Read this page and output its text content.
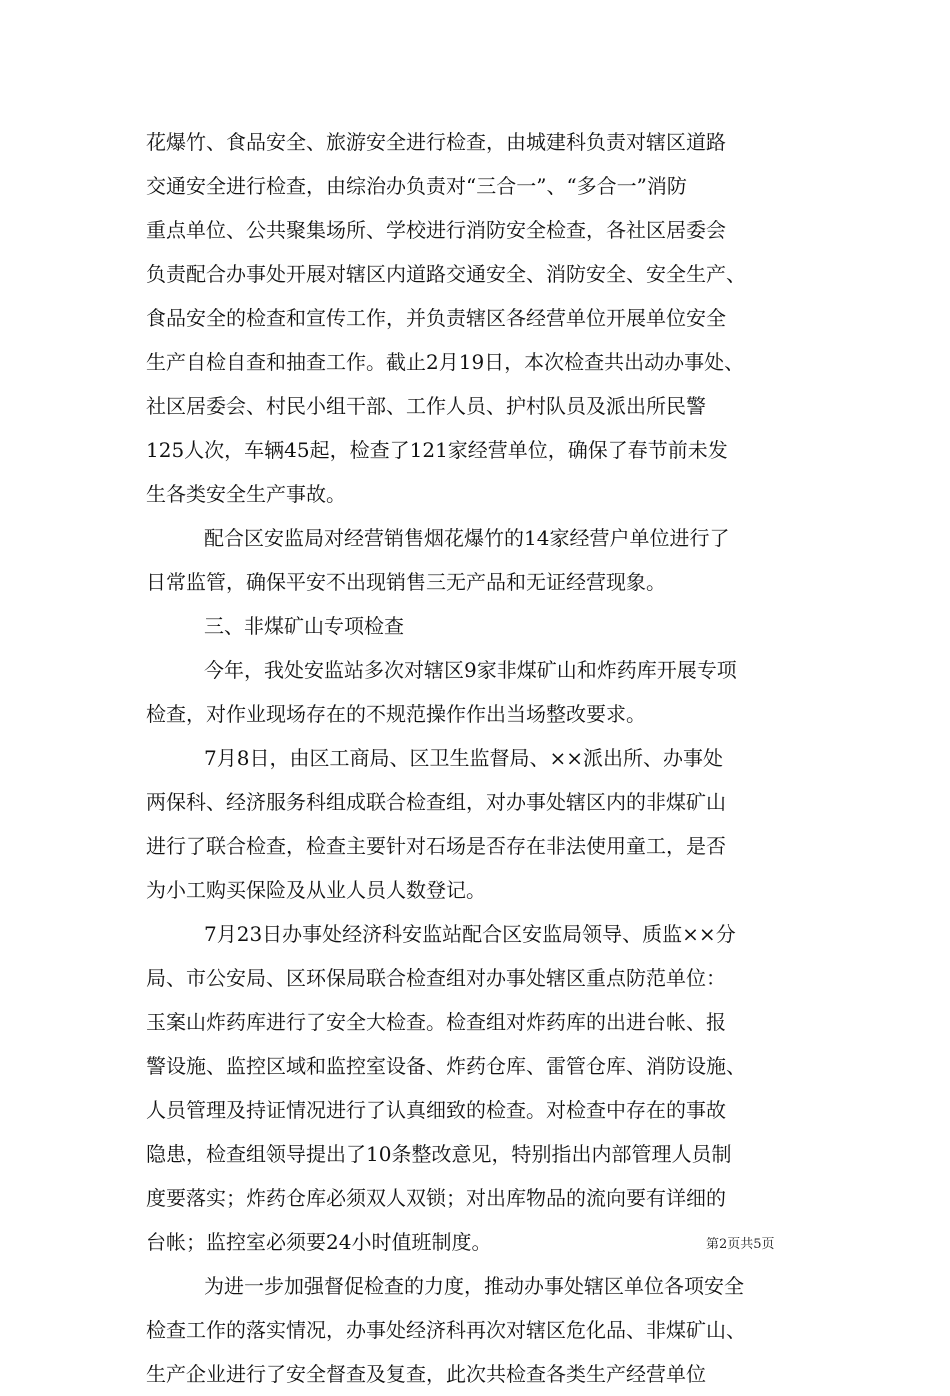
花爆竹、食品安全、旅游安全进行检查，由城建科负责对辖区道路
交通安全进行检查，由综治办负责对“三合一”、“多合一”消防
重点单位、公共聚集场所、学校进行消防安全检查，各社区居委会
负责配合办事处开展对辖区内道路交通安全、消防安全、安全生产、
食品安全的检查和宣传工作，并负责辖区各经营单位开展单位安全
生产自检自查和抽查工作。截止2月19日，本次检查共出动办事处、
社区居委会、村民小组干部、工作人员、护村队员及派出所民警
125人次，车辆45起，检查了121家经营单位，确保了春节前未发
生各类安全生产事故。
配合区安监局对经营销售烟花爆竹的14家经营户单位进行了
日常监管，确保平安不出现销售三无产品和无证经营现象。
三、非煤矿山专项检查
今年，我处安监站多次对辖区9家非煤矿山和炸药库开展专项
检查，对作业现场存在的不规范操作作出当场整改要求。
7月8日，由区工商局、区卫生监督局、××派出所、办事处
两保科、经济服务科组成联合检查组，对办事处辖区内的非煤矿山
进行了联合检查，检查主要针对石场是否存在非法使用童工，是否
为小工购买保险及从业人员人数登记。
7月23日办事处经济科安监站配合区安监局领导、质监××分
局、市公安局、区环保局联合检查组对办事处辖区重点防范单位：
玉案山炸药库进行了安全大检查。检查组对炸药库的出进台帐、报
警设施、监控区域和监控室设备、炸药仓库、雷管仓库、消防设施、
人员管理及持证情况进行了认真细致的检查。对检查中存在的事故
隐患，检查组领导提出了10条整改意见，特别指出内部管理人员制
度要落实；炸药仓库必须双人双锁；对出库物品的流向要有详细的
台帐；监控室必须要24小时值班制度。
为进一步加强督促检查的力度，推动办事处辖区单位各项安全
检查工作的落实情况，办事处经济科再次对辖区危化品、非煤矿山、
生产企业进行了安全督查及复查，此次共检查各类生产经营单位
第2页共5页
